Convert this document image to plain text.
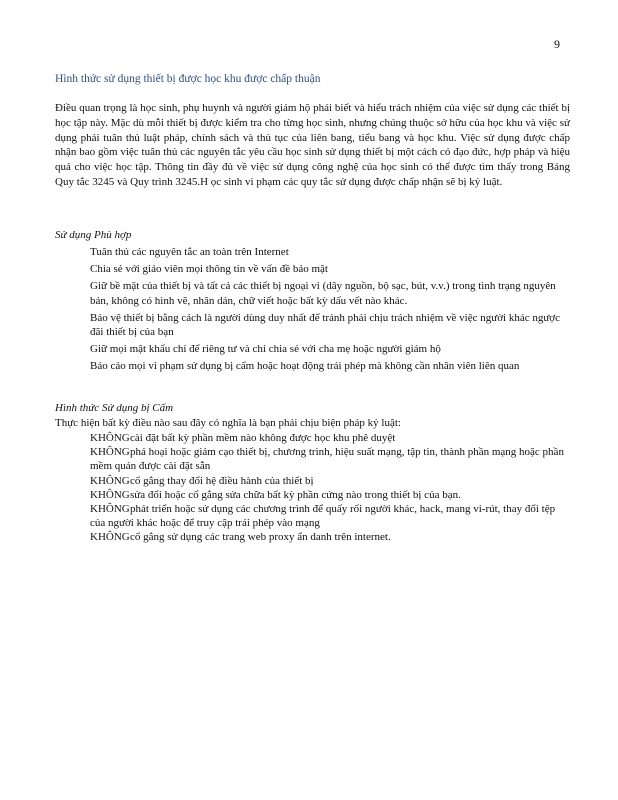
9
Hình thức sử dụng thiết bị được học khu được chấp thuận
Điều quan trọng là học sinh, phụ huynh và người giám hộ phải biết và hiểu trách nhiệm của việc sử dụng các thiết bị học tập này. Mặc dù mỗi thiết bị được kiểm tra cho từng học sinh, nhưng chúng thuộc sở hữu của học khu và việc sử dụng phải tuân thủ luật pháp, chính sách và thủ tục của liên bang, tiểu bang và học khu. Việc sử dụng được chấp nhận bao gồm việc tuân thủ các nguyên tắc yêu cầu học sinh sử dụng thiết bị một cách có đạo đức, hợp pháp và hiệu quả cho việc học tập. Thông tin đầy đủ về việc sử dụng công nghệ của học sinh có thể được tìm thấy trong Bảng Quy tắc 3245 và Quy trình 3245.H ọc sinh vi phạm các quy tắc sử dụng được chấp nhận sẽ bị kỷ luật.
Sử dụng Phù hợp
Tuân thủ các nguyên tắc an toàn trên Internet
Chia sẻ với giáo viên mọi thông tin về vấn đề bảo mật
Giữ bề mặt của thiết bị và tất cả các thiết bị ngoại vi (dây nguồn, bộ sạc, bút, v.v.) trong tình trạng nguyên bản, không có hình vẽ, nhãn dán, chữ viết hoặc bất kỳ dấu vết nào khác.
Bảo vệ thiết bị bằng cách là người dùng duy nhất để tránh phải chịu trách nhiệm về việc người khác ngược đãi thiết bị của bạn
Giữ mọi mật khẩu chỉ để riêng tư và chỉ chia sẻ với cha mẹ hoặc người giám hộ
Báo cáo mọi vi phạm sử dụng bị cấm hoặc hoạt động trái phép mà không cần nhân viên liên quan
Hình thức Sử dụng bị Cấm
Thực hiện bất kỳ điều nào sau đây có nghĩa là bạn phải chịu biện pháp kỷ luật:
KHÔNGcài đặt bất kỳ phần mềm nào không được học khu phê duyệt
KHÔNGphá hoại hoặc giảm cạo thiết bị, chương trình, hiệu suất mạng, tập tin, thành phần mạng hoặc phần mềm quản được cài đặt sẵn
KHÔNGcố gắng thay đổi hệ điều hành của thiết bị
KHÔNGsửa đổi hoặc cố gắng sửa chữa bất kỳ phần cứng nào trong thiết bị của bạn.
KHÔNGphát triển hoặc sử dụng các chương trình để quấy rối người khác, hack, mang vi-rút, thay đổi tệp của người khác hoặc để truy cập trái phép vào mạng
KHÔNGcố gắng sử dụng các trang web proxy ẩn danh trên internet.
